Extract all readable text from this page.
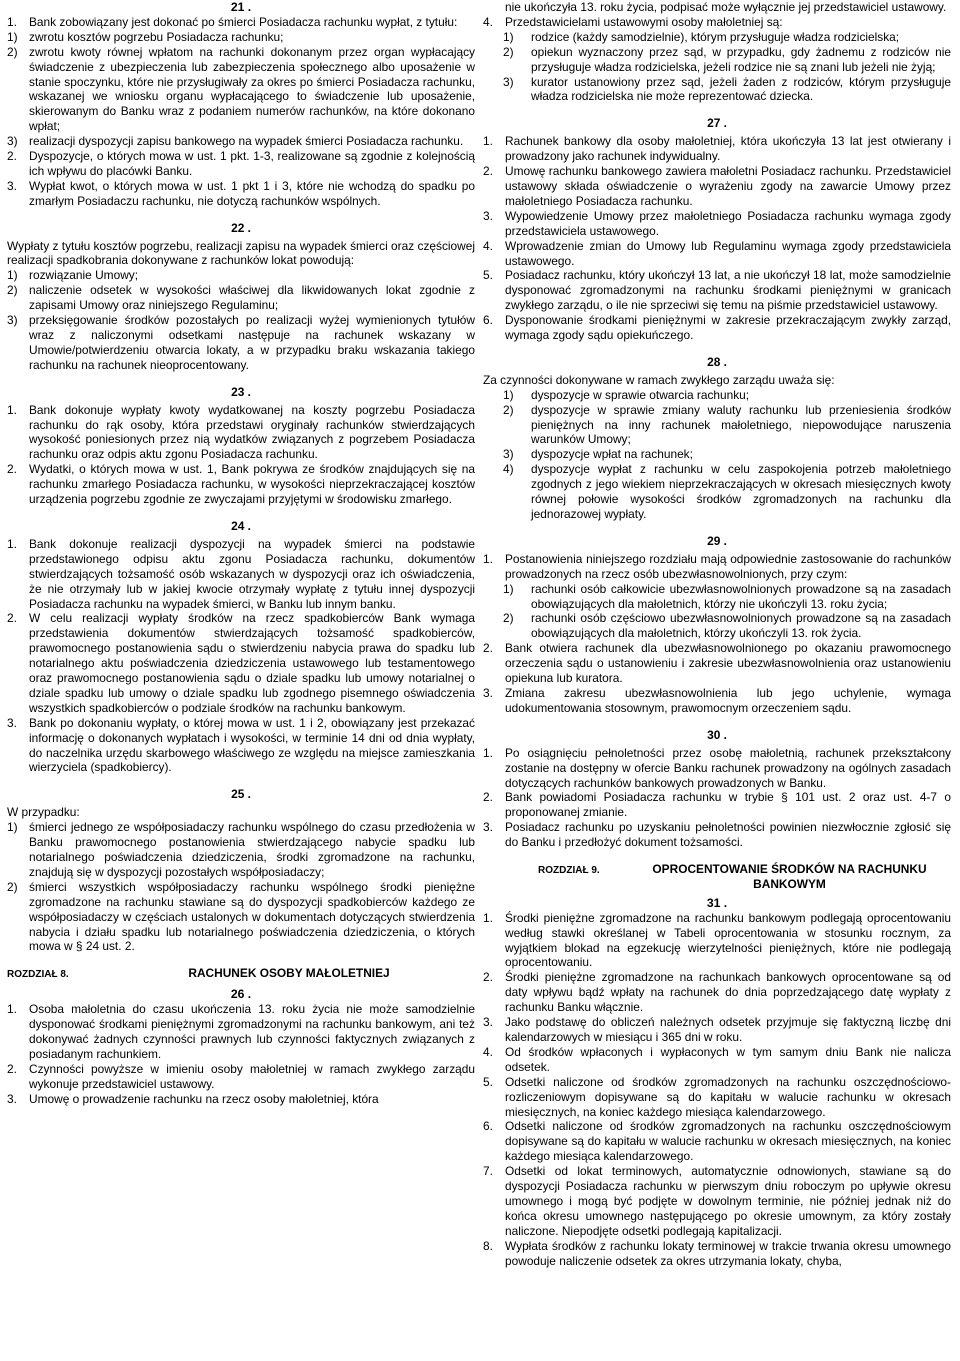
21 .
1.	Bank zobowiązany jest dokonać po śmierci Posiadacza rachunku wypłat, z tytułu:
1) zwrotu kosztów pogrzebu Posiadacza rachunku;
2) zwrotu kwoty równej wpłatom na rachunki dokonanym przez organ wypłacający świadczenie z ubezpieczenia lub zabezpieczenia społecznego albo uposażenie w stanie spoczynku, które nie przysługiwały za okres po śmierci Posiadacza rachunku, wskazanej we wniosku organu wypłacającego to świadczenie lub uposażenie, skierowanym do Banku wraz z podaniem numerów rachunków, na które dokonano wpłat;
3) realizacji dyspozycji zapisu bankowego na wypadek śmierci Posiadacza rachunku.
2.	Dyspozycje, o których mowa w ust. 1 pkt. 1-3, realizowane są zgodnie z kolejnością ich wpływu do placówki Banku.
3.	Wypłat kwot, o których mowa w ust. 1 pkt 1 i 3, które nie wchodzą do spadku po zmarłym Posiadaczu rachunku, nie dotyczą rachunków wspólnych.
22 .

Wypłaty z tytułu kosztów pogrzebu, realizacji zapisu na wypadek śmierci oraz częściowej realizacji spadkobrania dokonywane z rachunków lokat powodują:

1) rozwiązanie Umowy;
2) naliczenie odsetek w wysokości właściwej dla likwidowanych lokat zgodnie z zapisami Umowy oraz niniejszego Regulaminu;
3) przeksięgowanie środków pozostałych po realizacji wyżej wymienionych tytułów wraz z naliczonymi odsetkami następuje na rachunek wskazany w Umowie/potwierdzeniu otwarcia lokaty, a w przypadku braku wskazania takiego rachunku na rachunek nieoprocentowany.
23 .
1.	Bank dokonuje wypłaty kwoty wydatkowanej na koszty pogrzebu Posiadacza rachunku do rąk osoby, która przedstawi oryginały rachunków stwierdzających wysokość poniesionych przez nią wydatków związanych z pogrzebem Posiadacza rachunku oraz odpis aktu zgonu Posiadacza rachunku.
2.	Wydatki, o których mowa w ust. 1, Bank pokrywa ze środków znajdujących się na rachunku zmarłego Posiadacza rachunku, w wysokości nieprzekraczającej kosztów urządzenia pogrzebu zgodnie ze zwyczajami przyjętymi w środowisku zmarłego.
24 .
1.	Bank dokonuje realizacji dyspozycji na wypadek śmierci na podstawie przedstawionego odpisu aktu zgonu Posiadacza rachunku, dokumentów stwierdzających tożsamość osób wskazanych w dyspozycji oraz ich oświadczenia, że nie otrzymały lub w jakiej kwocie otrzymały wypłatę z tytułu innej dyspozycji Posiadacza rachunku na wypadek śmierci, w Banku lub innym banku.
2.	W celu realizacji wypłaty środków na rzecz spadkobierców Bank wymaga przedstawienia dokumentów stwierdzających tożsamość spadkobierców, prawomocnego postanowienia sądu o stwierdzeniu nabycia prawa do spadku lub notarialnego aktu poświadczenia dziedziczenia ustawowego lub testamentowego oraz prawomocnego postanowienia sądu o dziale spadku lub umowy notarialnej o dziale spadku lub umowy o dziale spadku lub zgodnego pisemnego oświadczenia wszystkich spadkobierców o podziale środków na rachunku bankowym.
3.	Bank po dokonaniu wypłaty, o której mowa w ust. 1 i 2, obowiązany jest przekazać informację o dokonanych wypłatach i wysokości, w terminie 14 dni od dnia wypłaty, do naczelnika urzędu skarbowego właściwego ze względu na miejsce zamieszkania wierzyciela (spadkobiercy).
25 .

W przypadku:

1) śmierci jednego ze współposiadaczy rachunku wspólnego do czasu przedłożenia w Banku prawomocnego postanowienia stwierdzającego nabycie spadku lub notarialnego poświadczenia dziedziczenia, środki zgromadzone na rachunku, znajdują się w dyspozycji pozostałych współposiadaczy;
2) śmierci wszystkich współposiadaczy rachunku wspólnego środki pieniężne zgromadzone na rachunku stawiane są do dyspozycji spadkobierców każdego ze współposiadaczy w częściach ustalonych w dokumentach dotyczących stwierdzenia nabycia i działu spadku lub notarialnego poświadczenia dziedziczenia, o których mowa w § 24 ust. 2.
ROZDZIAŁ 8.	RACHUNEK OSOBY MAŁOLETNIEJ
26 .
1.	Osoba małoletnia do czasu ukończenia 13. roku życia nie może samodzielnie dysponować środkami pieniężnymi zgromadzonymi na rachunku bankowym, ani też dokonywać żadnych czynności prawnych lub czynności faktycznych związanych z posiadanym rachunkiem.
2.	Czynności powyższe w imieniu osoby małoletniej w ramach zwykłego zarządu wykonuje przedstawiciel ustawowy.
3.	Umowę o prowadzenie rachunku na rzecz osoby małoletniej, która
nie ukończyła 13. roku życia, podpisać może wyłącznie jej przedstawiciel ustawowy.
4.	Przedstawicielami ustawowymi osoby małoletniej są:
1)	rodzice (każdy samodzielnie), którym przysługuje władza rodzicielska;
2)	opiekun wyznaczony przez sąd, w przypadku, gdy żadnemu z rodziców nie przysługuje władza rodzicielska, jeżeli rodzice nie są znani lub jeżeli nie żyją;
3)	kurator ustanowiony przez sąd, jeżeli żaden z rodziców, którym przysługuje władza rodzicielska nie może reprezentować dziecka.
27 .
1.	Rachunek bankowy dla osoby małoletniej, która ukończyła 13 lat jest otwierany i prowadzony jako rachunek indywidualny.
2.	Umowę rachunku bankowego zawiera małoletni Posiadacz rachunku. Przedstawiciel ustawowy składa oświadczenie o wyrażeniu zgody na zawarcie Umowy przez małoletniego Posiadacza rachunku.
3.	Wypowiedzenie Umowy przez małoletniego Posiadacza rachunku wymaga zgody przedstawiciela ustawowego.
4.	Wprowadzenie zmian do Umowy lub Regulaminu wymaga zgody przedstawiciela ustawowego.
5.	Posiadacz rachunku, który ukończył 13 lat, a nie ukończył 18 lat, może samodzielnie dysponować zgromadzonymi na rachunku środkami pieniężnymi w granicach zwykłego zarządu, o ile nie sprzeciwi się temu na piśmie przedstawiciel ustawowy.
6.	Dysponowanie środkami pieniężnymi w zakresie przekraczającym zwykły zarząd, wymaga zgody sądu opiekuńczego.
28 .

Za czynności dokonywane w ramach zwykłego zarządu uważa się:

1)	dyspozycje w sprawie otwarcia rachunku;
2)	dyspozycje w sprawie zmiany waluty rachunku lub przeniesienia środków pieniężnych na inny rachunek małoletniego, niepowodujące naruszenia warunków Umowy;
3)	dyspozycje wpłat na rachunek;
4)	dyspozycje wypłat z rachunku w celu zaspokojenia potrzeb małoletniego zgodnych z jego wiekiem nieprzekraczających w okresach miesięcznych kwoty równej połowie wysokości środków zgromadzonych na rachunku dla jednorazowej wypłaty.
29 .
1.	Postanowienia niniejszego rozdziału mają odpowiednie zastosowanie do rachunków prowadzonych na rzecz osób ubezwłasnowolnionych, przy czym:
1)	rachunki osób całkowicie ubezwłasnowolnionych prowadzone są na zasadach obowiązujących dla małoletnich, którzy nie ukończyli 13. roku życia;
2)	rachunki osób częściowo ubezwłasnowolnionych prowadzone są na zasadach obowiązujących dla małoletnich, którzy ukończyli 13. rok życia.
2.	Bank otwiera rachunek dla ubezwłasnowolnionego po okazaniu prawomocnego orzeczenia sądu o ustanowieniu i zakresie ubezwłasnowolnienia oraz ustanowieniu opiekuna lub kuratora.
3.	Zmiana zakresu ubezwłasnowolnienia lub jego uchylenie, wymaga udokumentowania stosownym, prawomocnym orzeczeniem sądu.
30 .
1.	Po osiągnięciu pełnoletności przez osobę małoletnią, rachunek przekształcony zostanie na dostępny w ofercie Banku rachunek prowadzony na ogólnych zasadach dotyczących rachunków bankowych prowadzonych w Banku.
2.	Bank powiadomi Posiadacza rachunku w trybie § 101 ust. 2 oraz ust. 4-7 o proponowanej zmianie.
3.	Posiadacz rachunku po uzyskaniu pełnoletności powinien niezwłocznie zgłosić się do Banku i przedłożyć dokument tożsamości.
ROZDZIAŁ 9.	OPROCENTOWANIE ŚRODKÓW NA RACHUNKU BANKOWYM
31 .
1.	Środki pieniężne zgromadzone na rachunku bankowym podlegają oprocentowaniu według stawki określanej w Tabeli oprocentowania w stosunku rocznym, za wyjątkiem blokad na egzekucję wierzytelności pieniężnych, które nie podlegają oprocentowaniu.
2.	Środki pieniężne zgromadzone na rachunkach bankowych oprocentowane są od daty wpływu bądź wpłaty na rachunek do dnia poprzedzającego datę wypłaty z rachunku Banku włącznie.
3.	Jako podstawę do obliczeń należnych odsetek przyjmuje się faktyczną liczbę dni kalendarzowych w miesiącu i 365 dni w roku.
4.	Od środków wpłaconych i wypłaconych w tym samym dniu Bank nie nalicza odsetek.
5.	Odsetki naliczone od środków zgromadzonych na rachunku oszczędnościowo- rozliczeniowym dopisywane są do kapitału w walucie rachunku w okresach miesięcznych, na koniec każdego miesiąca kalendarzowego.
6.	Odsetki naliczone od środków zgromadzonych na rachunku oszczędnościowym dopisywane są do kapitału w walucie rachunku w okresach miesięcznych, na koniec każdego miesiąca kalendarzowego.
7.	Odsetki od lokat terminowych, automatycznie odnowionych, stawiane są do dyspozycji Posiadacza rachunku w pierwszym dniu roboczym po upływie okresu umownego i mogą być podjęte w dowolnym terminie, nie później jednak niż do końca okresu umownego następującego po okresie umownym, za który zostały naliczone. Niepodjęte odsetki podlegają kapitalizacji.
8.	Wypłata środków z rachunku lokaty terminowej w trakcie trwania okresu umownego powoduje naliczenie odsetek za okres utrzymania lokaty, chyba,
